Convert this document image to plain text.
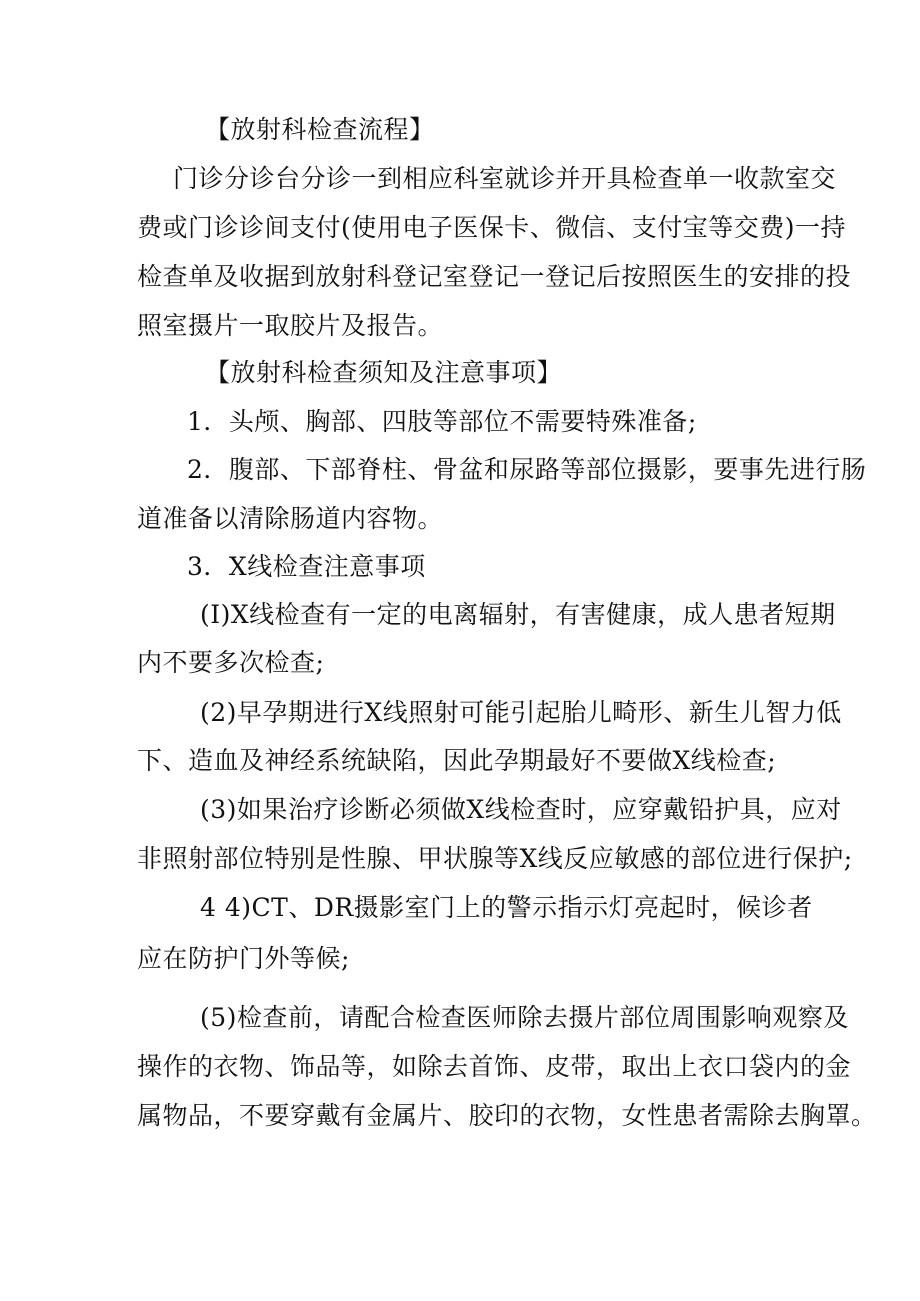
【放射科检查流程】
门诊分诊台分诊一到相应科室就诊并开具检查单一收款室交
费或门诊诊间支付(使用电子医保卡、微信、支付宝等交费)一持
检查单及收据到放射科登记室登记一登记后按照医生的安排的投
照室摄片一取胶片及报告。
【放射科检查须知及注意事项】
1．头颅、胸部、四肢等部位不需要特殊准备;
2．腹部、下部脊柱、骨盆和尿路等部位摄影，要事先进行肠
道准备以清除肠道内容物。
3．X线检查注意事项
(I)X线检查有一定的电离辐射，有害健康，成人患者短期
内不要多次检查;
(2)早孕期进行X线照射可能引起胎儿畸形、新生儿智力低
下、造血及神经系统缺陷，因此孕期最好不要做X线检查;
(3)如果治疗诊断必须做X线检查时，应穿戴铅护具，应对
非照射部位特别是性腺、甲状腺等X线反应敏感的部位进行保护;
4 4)CT、DR摄影室门上的警示指示灯亮起时，候诊者
应在防护门外等候;
(5)检查前，请配合检查医师除去摄片部位周围影响观察及
操作的衣物、饰品等，如除去首饰、皮带，取出上衣口袋内的金
属物品，不要穿戴有金属片、胶印的衣物，女性患者需除去胸罩。
